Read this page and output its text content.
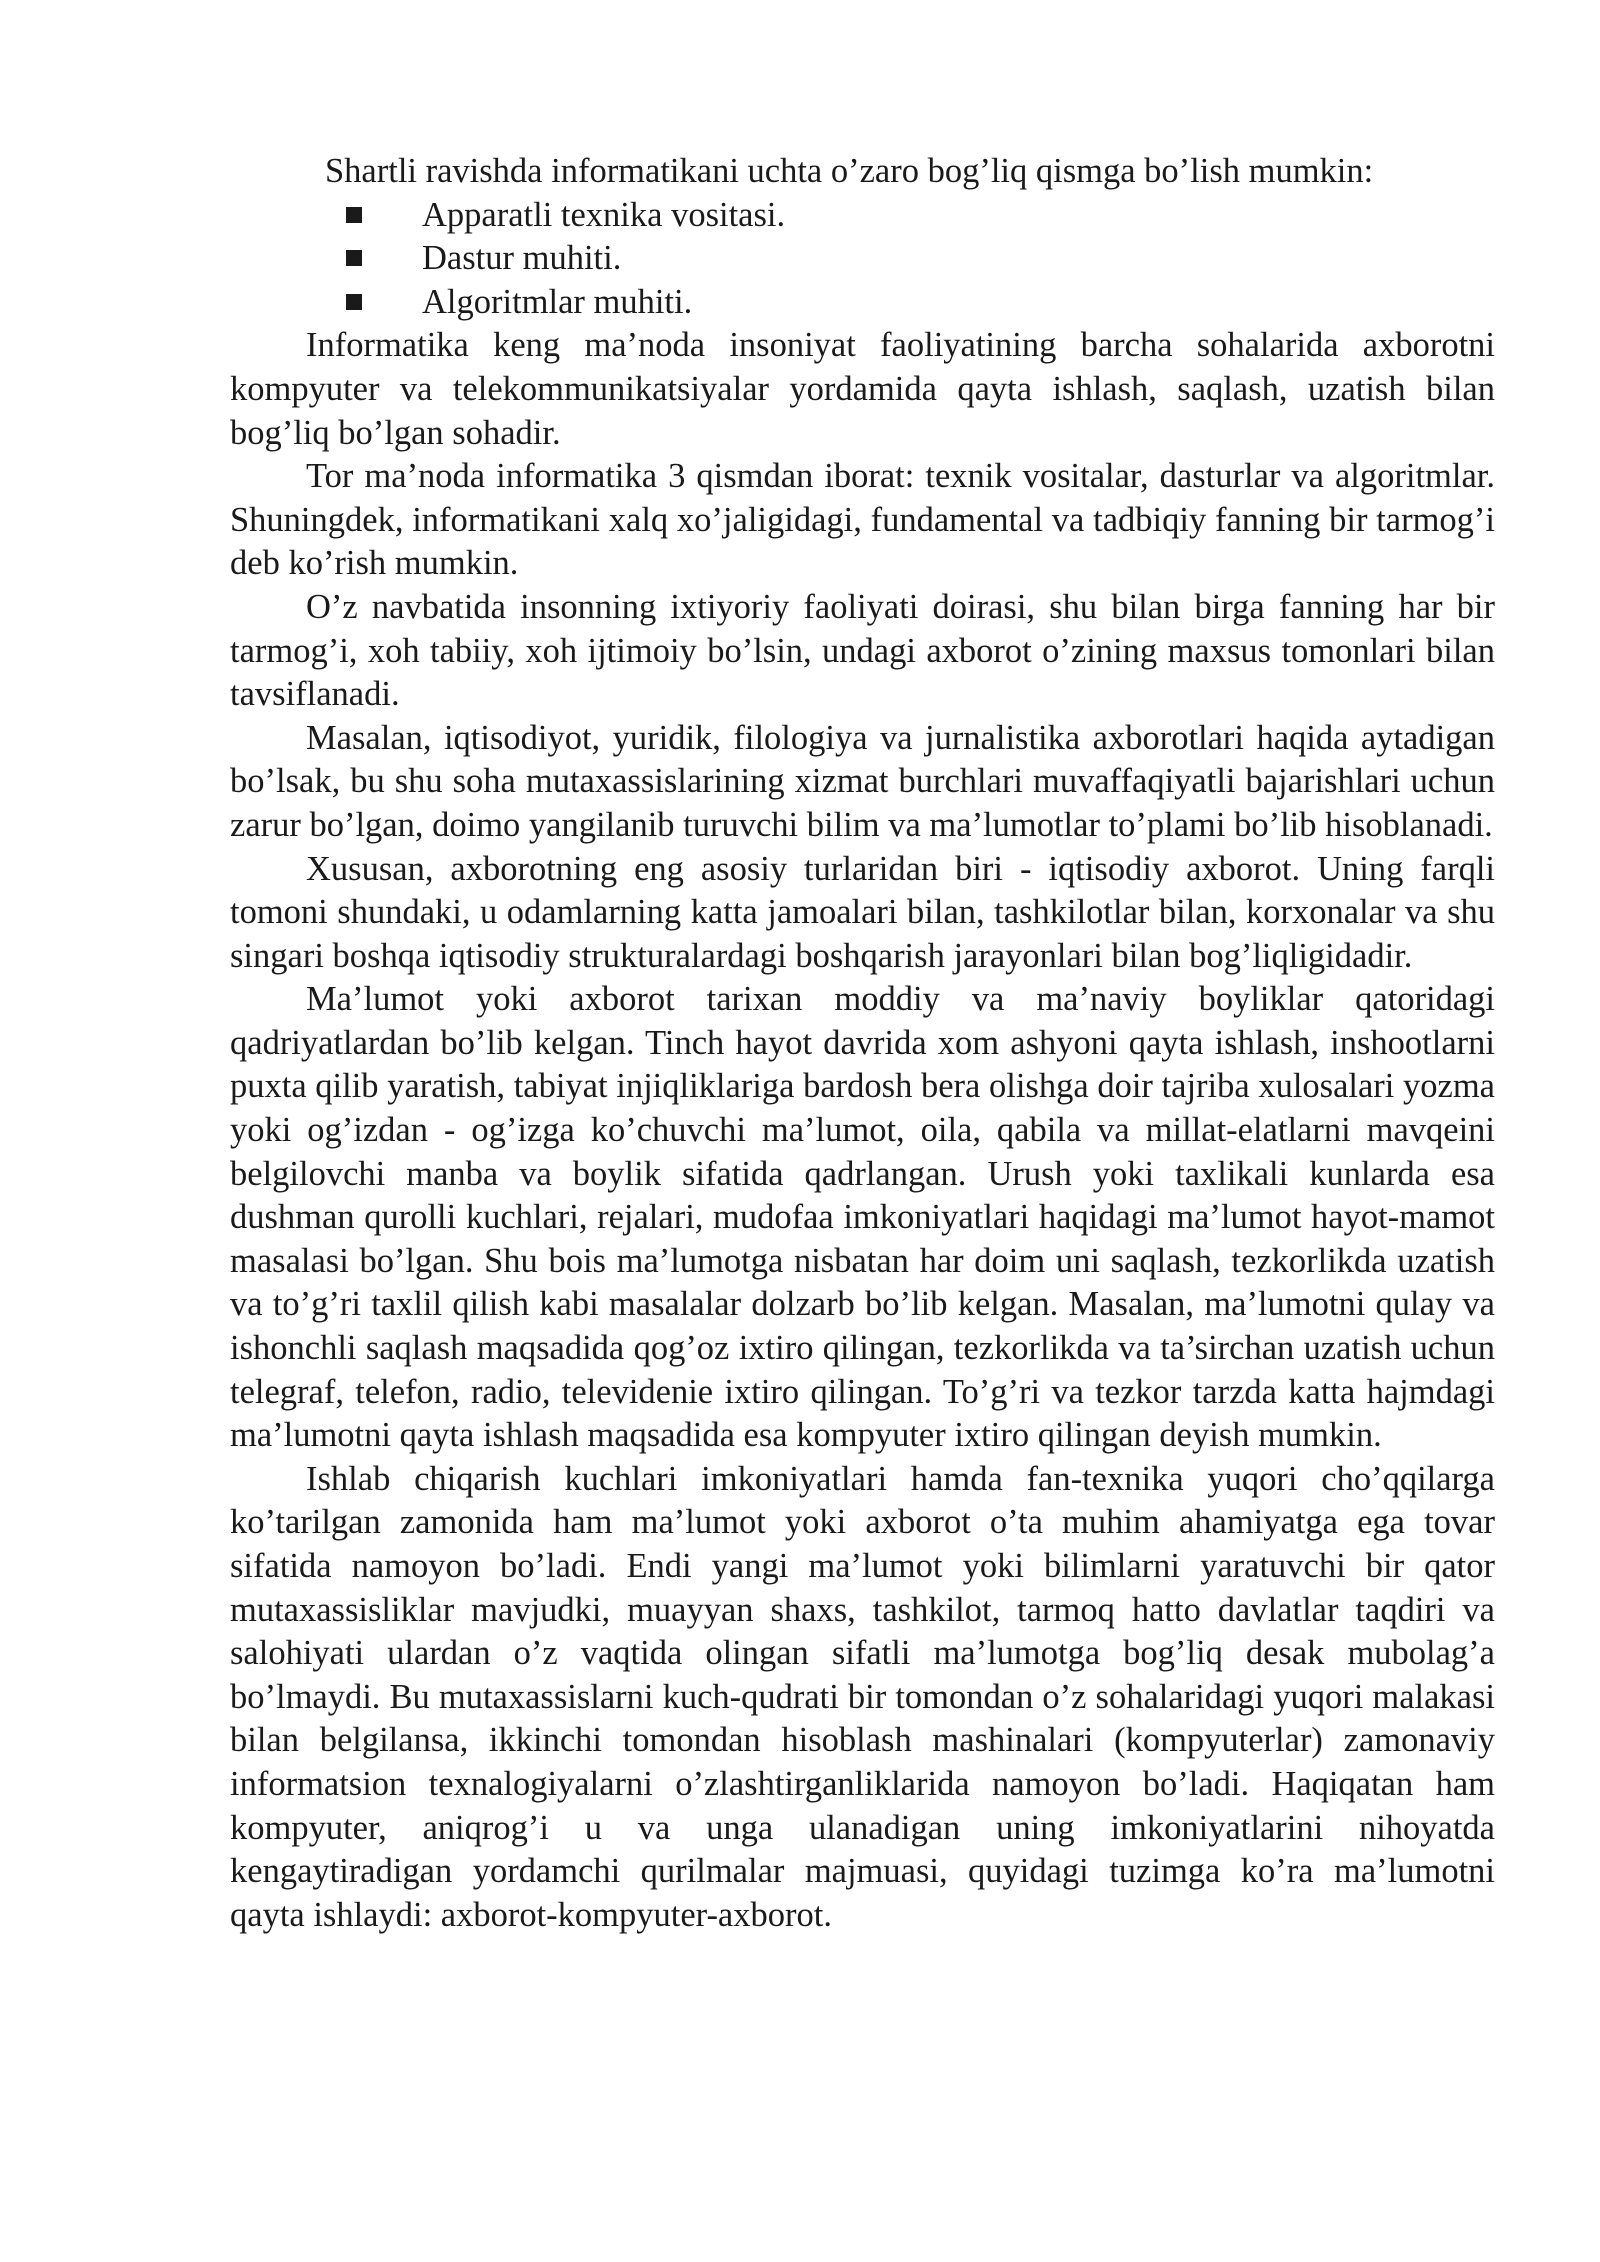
Shartli ravishda informatikani uchta o’zaro bog’liq qismga bo’lish mumkin:

Apparatli texnika vositasi.
Dastur muhiti.
Algoritmlar muhiti.

Informatika keng ma’noda insoniyat faoliyatining barcha sohalarida axborotni kompyuter va telekommunikatsiyalar yordamida qayta ishlash, saqlash, uzatish bilan bog’liq bo’lgan sohadir.

Tor ma’noda informatika 3 qismdan iborat: texnik vositalar, dasturlar va algoritmlar. Shuningdek, informatikani xalq xo’jaligidagi, fundamental va tadbiqiy fanning bir tarmog’i deb ko’rish mumkin.

O’z navbatida insonning ixtiyoriy faoliyati doirasi, shu bilan birga fanning har bir tarmog’i, xoh tabiiy, xoh ijtimoiy bo’lsin, undagi axborot o’zining maxsus tomonlari bilan tavsiflanadi.

Masalan, iqtisodiyot, yuridik, filologiya va jurnalistika axborotlari haqida aytadigan bo’lsak, bu shu soha mutaxassislarining xizmat burchlari muvaffaqiyatli bajarishlari uchun zarur bo’lgan, doimo yangilanib turuvchi bilim va ma’lumotlar to’plami bo’lib hisoblanadi.

Xususan, axborotning eng asosiy turlaridan biri - iqtisodiy axborot. Uning farqli tomoni shundaki, u odamlarning katta jamoalari bilan, tashkilotlar bilan, korxonalar va shu singari boshqa iqtisodiy strukturalardagi boshqarish jarayonlari bilan bog’liqligidadir.

Ma’lumot yoki axborot tarixan moddiy va ma’naviy boyliklar qatoridagi qadriyatlardan bo’lib kelgan. Tinch hayot davrida xom ashyoni qayta ishlash, inshootlarni puxta qilib yaratish, tabiyat injiqliklariga bardosh bera olishga doir tajriba xulosalari yozma yoki og’izdan - og’izga ko’chuvchi ma’lumot, oila, qabila va millat-elatlarni mavqeini belgilovchi manba va boylik sifatida qadrlangan. Urush yoki taxlikali kunlarda esa dushman qurolli kuchlari, rejalari, mudofaa imkoniyatlari haqidagi ma’lumot hayot-mamot masalasi bo’lgan. Shu bois ma’lumotga nisbatan har doim uni saqlash, tezkorlikda uzatish va to’g’ri taxlil qilish kabi masalalar dolzarb bo’lib kelgan. Masalan, ma’lumotni qulay va ishonchli saqlash maqsadida qog’oz ixtiro qilingan, tezkorlikda va ta’sirchan uzatish uchun telegraf, telefon, radio, televidenie ixtiro qilingan. To’g’ri va tezkor tarzda katta hajmdagi ma’lumotni qayta ishlash maqsadida esa kompyuter ixtiro qilingan deyish mumkin.

Ishlab chiqarish kuchlari imkoniyatlari hamda fan-texnika yuqori cho’qqilarga ko’tarilgan zamonida ham ma’lumot yoki axborot o’ta muhim ahamiyatga ega tovar sifatida namoyon bo’ladi. Endi yangi ma’lumot yoki bilimlarni yaratuvchi bir qator mutaxassisliklar mavjudki, muayyan shaxs, tashkilot, tarmoq hatto davlatlar taqdiri va salohiyati ulardan o’z vaqtida olingan sifatli ma’lumotga bog’liq desak mubolag’a bo’lmaydi. Bu mutaxassislarni kuch-qudrati bir tomondan o’z sohalaridagi yuqori malakasi bilan belgilansa, ikkinchi tomondan hisoblash mashinalari (kompyuterlar) zamonaviy informatsion texnalogiyalarni o’zlashtirganliklarida namoyon bo’ladi. Haqiqatan ham kompyuter, aniqrog’i u va unga ulanadigan uning imkoniyatlarini nihoyatda kengaytiradigan yordamchi qurilmalar majmuasi, quyidagi tuzimga ko’ra ma’lumotni qayta ishlaydi: axborot-kompyuter-axborot.
